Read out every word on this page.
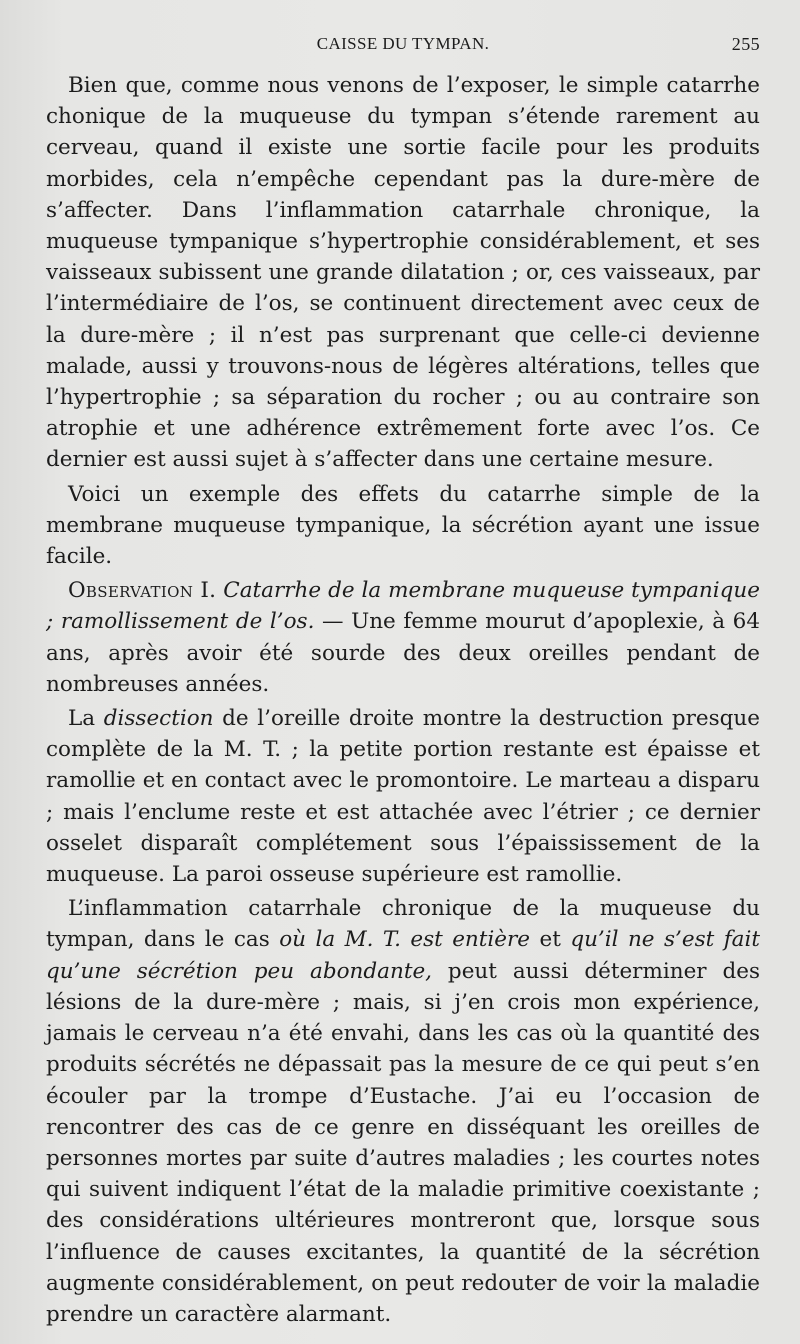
CAISSE DU TYMPAN.	255

Bien que, comme nous venons de l’exposer, le simple catarrhe chonique de la muqueuse du tympan s’étende rarement au cerveau, quand il existe une sortie facile pour les produits morbides, cela n’empêche cependant pas la dure-mère de s’affecter. Dans l’inflammation catarrhale chronique, la muqueuse tympanique s’hypertrophie considérablement, et ses vaisseaux subissent une grande dilatation ; or, ces vaisseaux, par l’intermédiaire de l’os, se continuent directement avec ceux de la dure-mère ; il n’est pas surprenant que celle-ci devienne malade, aussi y trouvons-nous de légères altérations, telles que l’hypertrophie ; sa séparation du rocher ; ou au contraire son atrophie et une adhérence extrêmement forte avec l’os. Ce dernier est aussi sujet à s’affecter dans une certaine mesure.

Voici un exemple des effets du catarrhe simple de la membrane muqueuse tympanique, la sécrétion ayant une issue facile.

Observation I. Catarrhe de la membrane muqueuse tympanique ; ramollissement de l’os. — Une femme mourut d’apoplexie, à 64 ans, après avoir été sourde des deux oreilles pendant de nombreuses années.

La dissection de l’oreille droite montre la destruction presque complète de la M. T. ; la petite portion restante est épaisse et ramollie et en contact avec le promontoire. Le marteau a disparu ; mais l’enclume reste et est attachée avec l’étrier ; ce dernier osselet disparaît complétement sous l’épaississement de la muqueuse. La paroi osseuse supérieure est ramollie.

L’inflammation catarrhale chronique de la muqueuse du tympan, dans le cas où la M. T. est entière et qu’il ne s’est fait qu’une sécrétion peu abondante, peut aussi déterminer des lésions de la dure-mère ; mais, si j’en crois mon expérience, jamais le cerveau n’a été envahi, dans les cas où la quantité des produits sécrétés ne dépassait pas la mesure de ce qui peut s’en écouler par la trompe d’Eustache. J’ai eu l’occasion de rencontrer des cas de ce genre en disséquant les oreilles de personnes mortes par suite d’autres maladies ; les courtes notes qui suivent indiquent l’état de la maladie primitive coexistante ; des considérations ultérieures montreront que, lorsque sous l’influence de causes excitantes, la quantité de la sécrétion augmente considérablement, on peut redouter de voir la maladie prendre un caractère alarmant.
